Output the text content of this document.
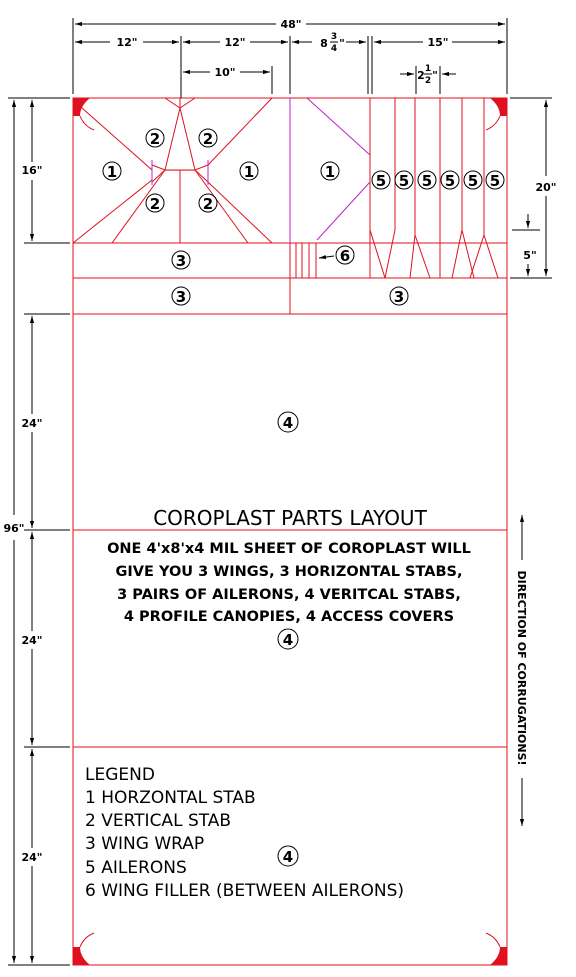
1	1	1
2	2
2	2
3
3	3
4
4
4
5 5 5 5 5 5
6
48"
12"	12"	8 3
4 "	15"
10"	2 1
2 "
96"
16"
24"
24"
24"
20"
5"
DIRECTION OF CORRUGATIONS!
COROPLAST PARTS LAYOUT
ONE 4'x8'x4 MIL SHEET OF COROPLAST WILL
GIVE YOU 3 WINGS, 3 HORIZONTAL STABS,
3 PAIRS OF AILERONS, 4 VERITCAL STABS,
4 PROFILE CANOPIES, 4 ACCESS COVERS
LEGEND
1 HORZONTAL STAB
2 VERTICAL STAB
3 WING WRAP
5 AILERONS
6 WING FILLER (BETWEEN AILERONS)
